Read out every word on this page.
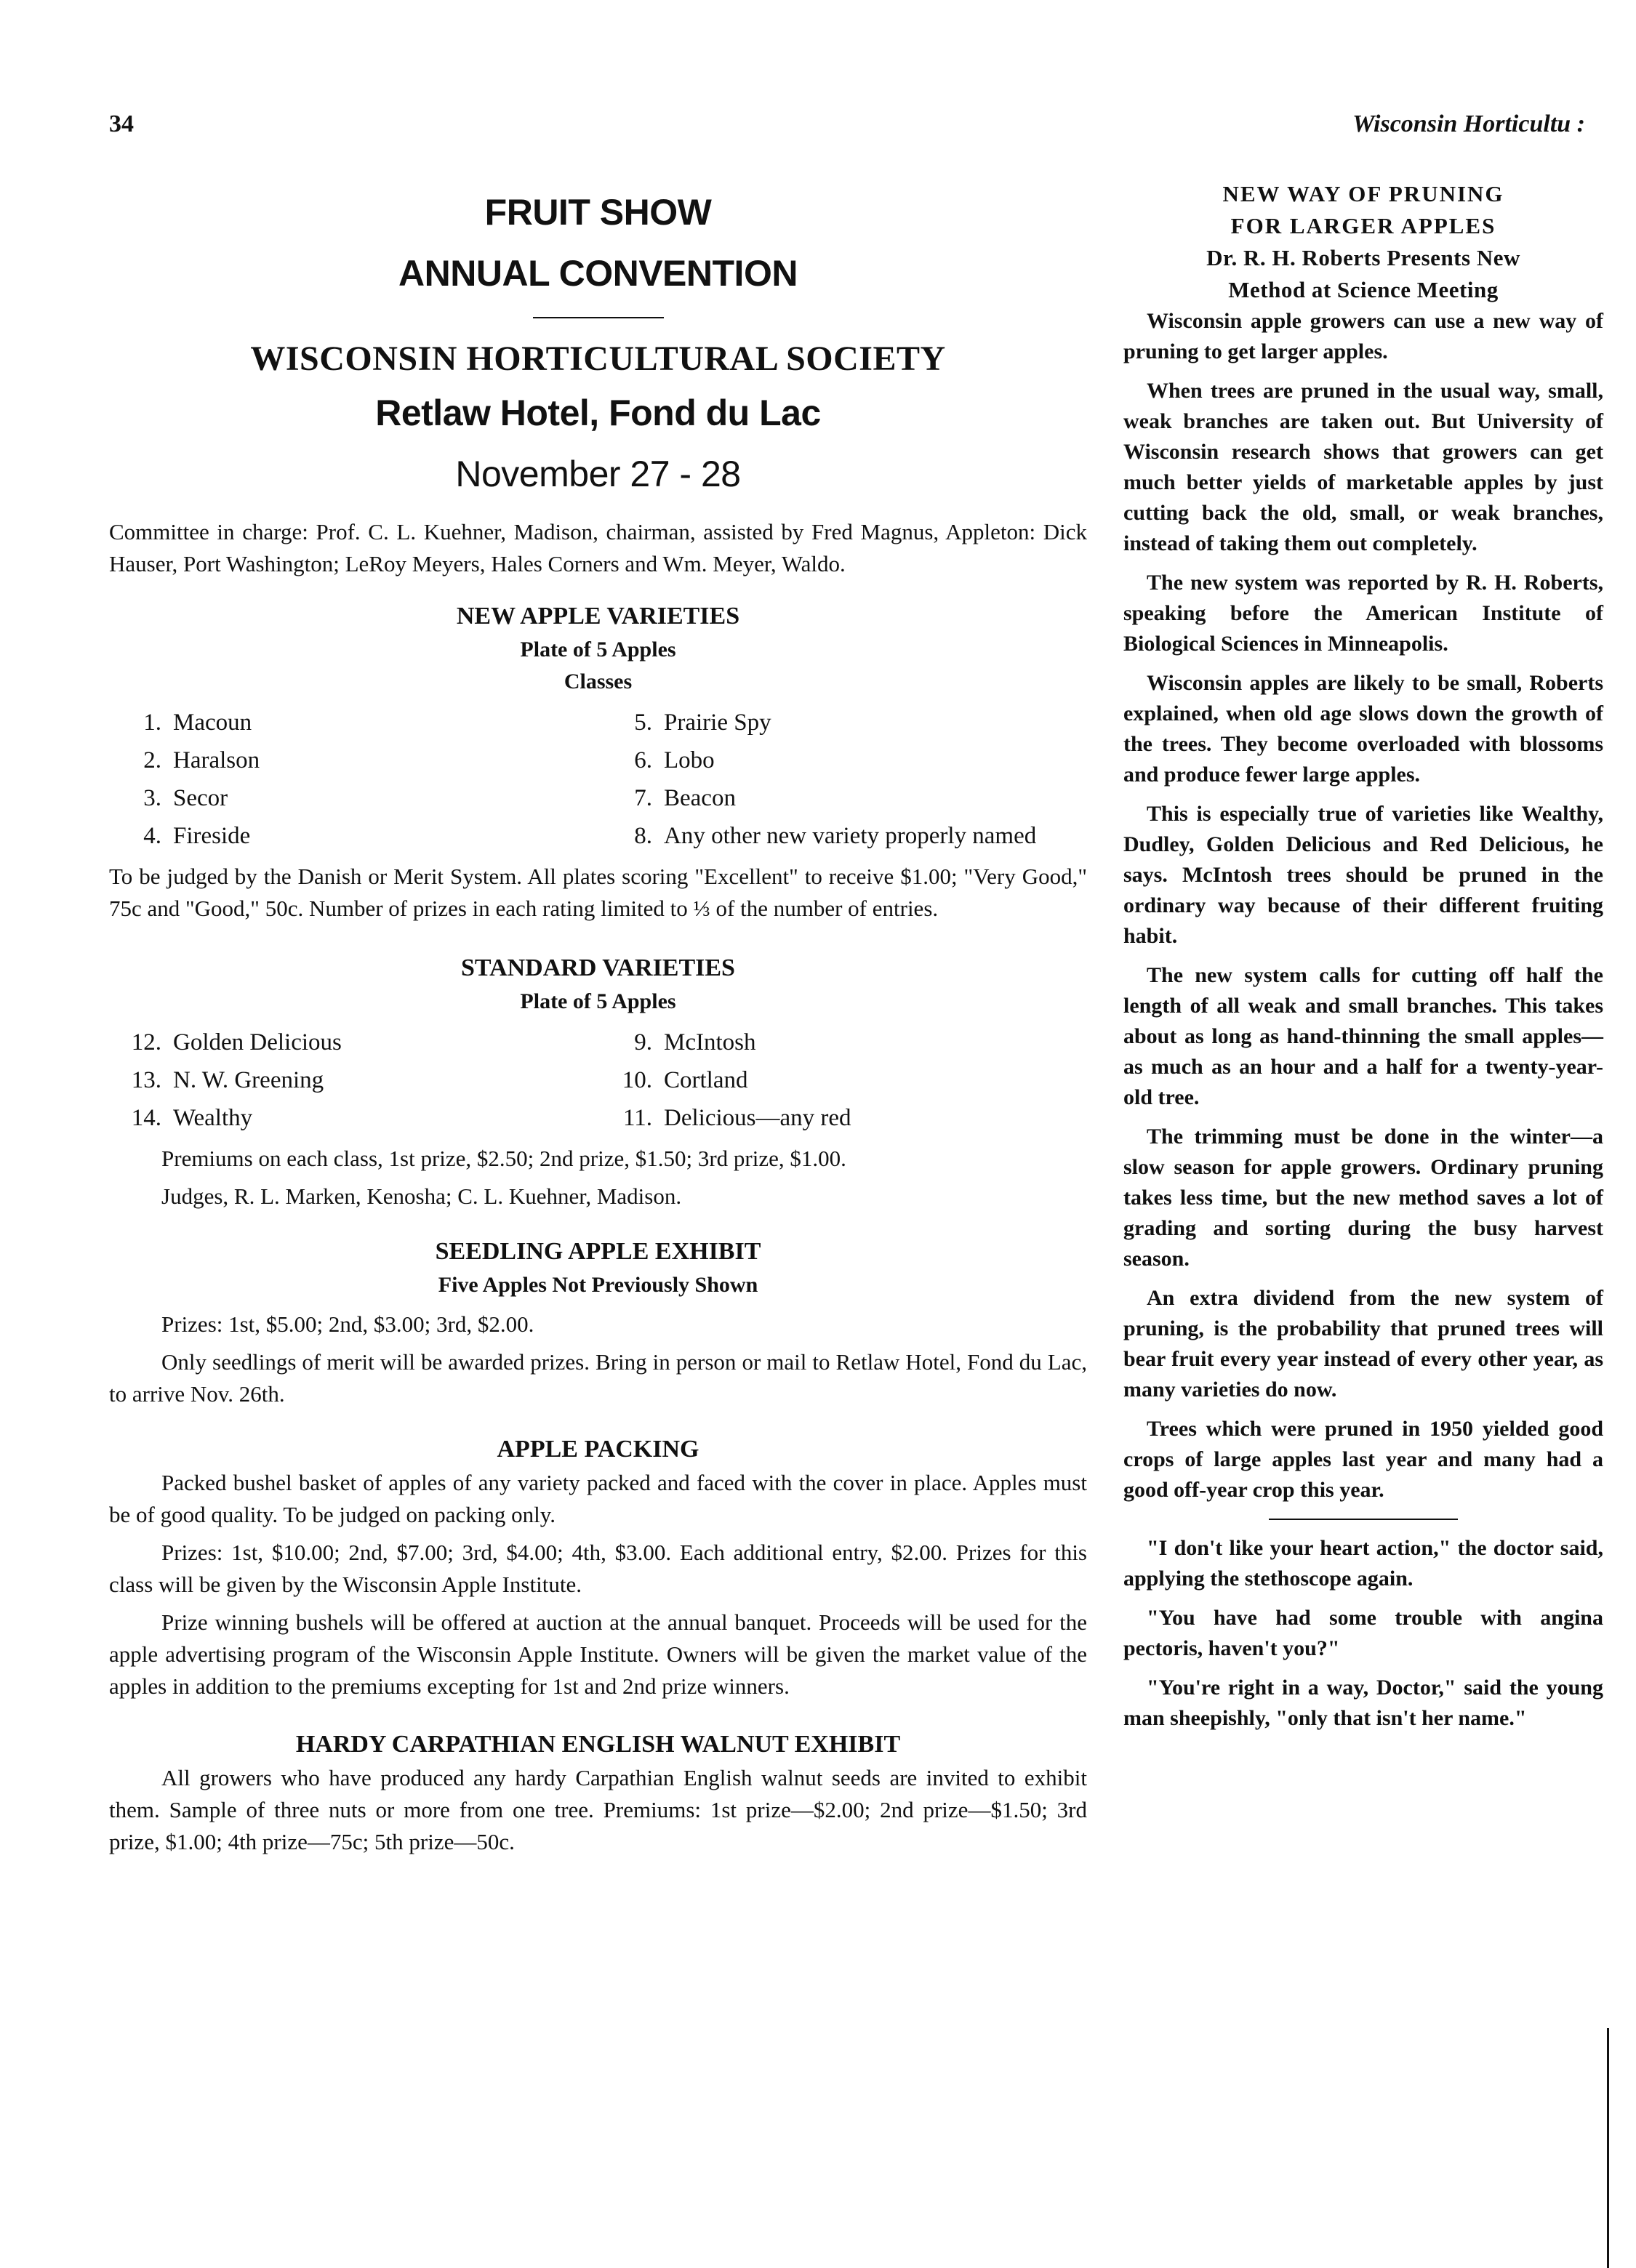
34	Wisconsin Horticultu :
FRUIT SHOW
ANNUAL CONVENTION
WISCONSIN HORTICULTURAL SOCIETY
Retlaw Hotel, Fond du Lac
November 27 - 28

Committee in charge: Prof. C. L. Kuehner, Madison, chairman, assisted by Fred Magnus, Appleton: Dick Hauser, Port Washington; LeRoy Meyers, Hales Corners and Wm. Meyer, Waldo.

NEW APPLE VARIETIES
Plate of 5 Apples
Classes
1. Macoun
2. Haralson
3. Secor
4. Fireside
5. Prairie Spy
6. Lobo
7. Beacon
8. Any other new variety properly named

To be judged by the Danish or Merit System. All plates scoring "Excellent" to receive $1.00; "Very Good," 75c and "Good," 50c. Number of prizes in each rating limited to ⅓ of the number of entries.

STANDARD VARIETIES
Plate of 5 Apples
12. Golden Delicious
13. N. W. Greening
14. Wealthy
9. McIntosh
10. Cortland
11. Delicious—any red

Premiums on each class, 1st prize, $2.50; 2nd prize, $1.50; 3rd prize, $1.00.

Judges, R. L. Marken, Kenosha; C. L. Kuehner, Madison.

SEEDLING APPLE EXHIBIT
Five Apples Not Previously Shown

Prizes: 1st, $5.00; 2nd, $3.00; 3rd, $2.00.

Only seedlings of merit will be awarded prizes. Bring in person or mail to Retlaw Hotel, Fond du Lac, to arrive Nov. 26th.

APPLE PACKING

Packed bushel basket of apples of any variety packed and faced with the cover in place. Apples must be of good quality. To be judged on packing only.

Prizes: 1st, $10.00; 2nd, $7.00; 3rd, $4.00; 4th, $3.00. Each additional entry, $2.00. Prizes for this class will be given by the Wisconsin Apple Institute.

Prize winning bushels will be offered at auction at the annual banquet. Proceeds will be used for the apple advertising program of the Wisconsin Apple Institute. Owners will be given the market value of the apples in addition to the premiums excepting for 1st and 2nd prize winners.

HARDY CARPATHIAN ENGLISH WALNUT EXHIBIT

All growers who have produced any hardy Carpathian English walnut seeds are invited to exhibit them. Sample of three nuts or more from one tree. Premiums: 1st prize—$2.00; 2nd prize—$1.50; 3rd prize, $1.00; 4th prize—75c; 5th prize—50c.

NEW WAY OF PRUNING
FOR LARGER APPLES
Dr. R. H. Roberts Presents New
Method at Science Meeting

Wisconsin apple growers can use a new way of pruning to get larger apples.

When trees are pruned in the usual way, small, weak branches are taken out. But University of Wisconsin research shows that growers can get much better yields of marketable apples by just cutting back the old, small, or weak branches, instead of taking them out completely.

The new system was reported by R. H. Roberts, speaking before the American Institute of Biological Sciences in Minneapolis.

Wisconsin apples are likely to be small, Roberts explained, when old age slows down the growth of the trees. They become overloaded with blossoms and produce fewer large apples.

This is especially true of varieties like Wealthy, Dudley, Golden Delicious and Red Delicious, he says. McIntosh trees should be pruned in the ordinary way because of their different fruiting habit.

The new system calls for cutting off half the length of all weak and small branches. This takes about as long as hand-thinning the small apples—as much as an hour and a half for a twenty-year-old tree.

The trimming must be done in the winter—a slow season for apple growers. Ordinary pruning takes less time, but the new method saves a lot of grading and sorting during the busy harvest season.

An extra dividend from the new system of pruning, is the probability that pruned trees will bear fruit every year instead of every other year, as many varieties do now.

Trees which were pruned in 1950 yielded good crops of large apples last year and many had a good off-year crop this year.

"I don't like your heart action," the doctor said, applying the stethoscope again.

"You have had some trouble with angina pectoris, haven't you?"

"You're right in a way, Doctor," said the young man sheepishly, "only that isn't her name."
